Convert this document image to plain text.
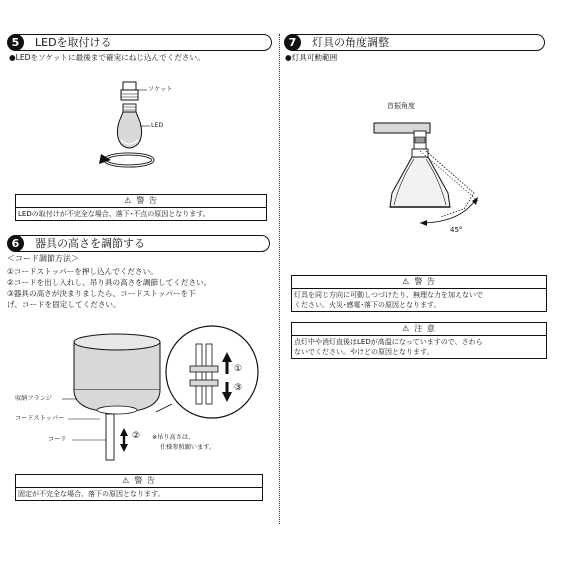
LEDを取付ける
5
●LEDをソケットに最後まで確実にねじ込んでください。
ソケット
LED
⚠ 警 告
LEDの取付けが不完全な場合、落下･不点の原因となります。
器具の高さを調節する
6
＜コード調節方法＞
①コードストッパーを押し込んでください。
②コードを出し入れし、吊り具の高さを調節してください。
③器具の高さが決まりましたら、コードストッパーを下
げ、コードを固定してください。
収納フランジ
コードストッパー
コード	②
①
③
※吊り高さは、
仕様参照願います。
⚠ 警 告
固定が不完全な場合、落下の原因となります。
灯具の角度調整
7
●灯具可動範囲
首振角度
45°
⚠ 警 告
灯具を同じ方向に可動しつづけたり、無理な力を加えないで
ください。火災･感電･落下の原因となります。
⚠ 注 意
点灯中や消灯直後はLEDが高温になっていますので、さわら
ないでください。やけどの原因となります。
